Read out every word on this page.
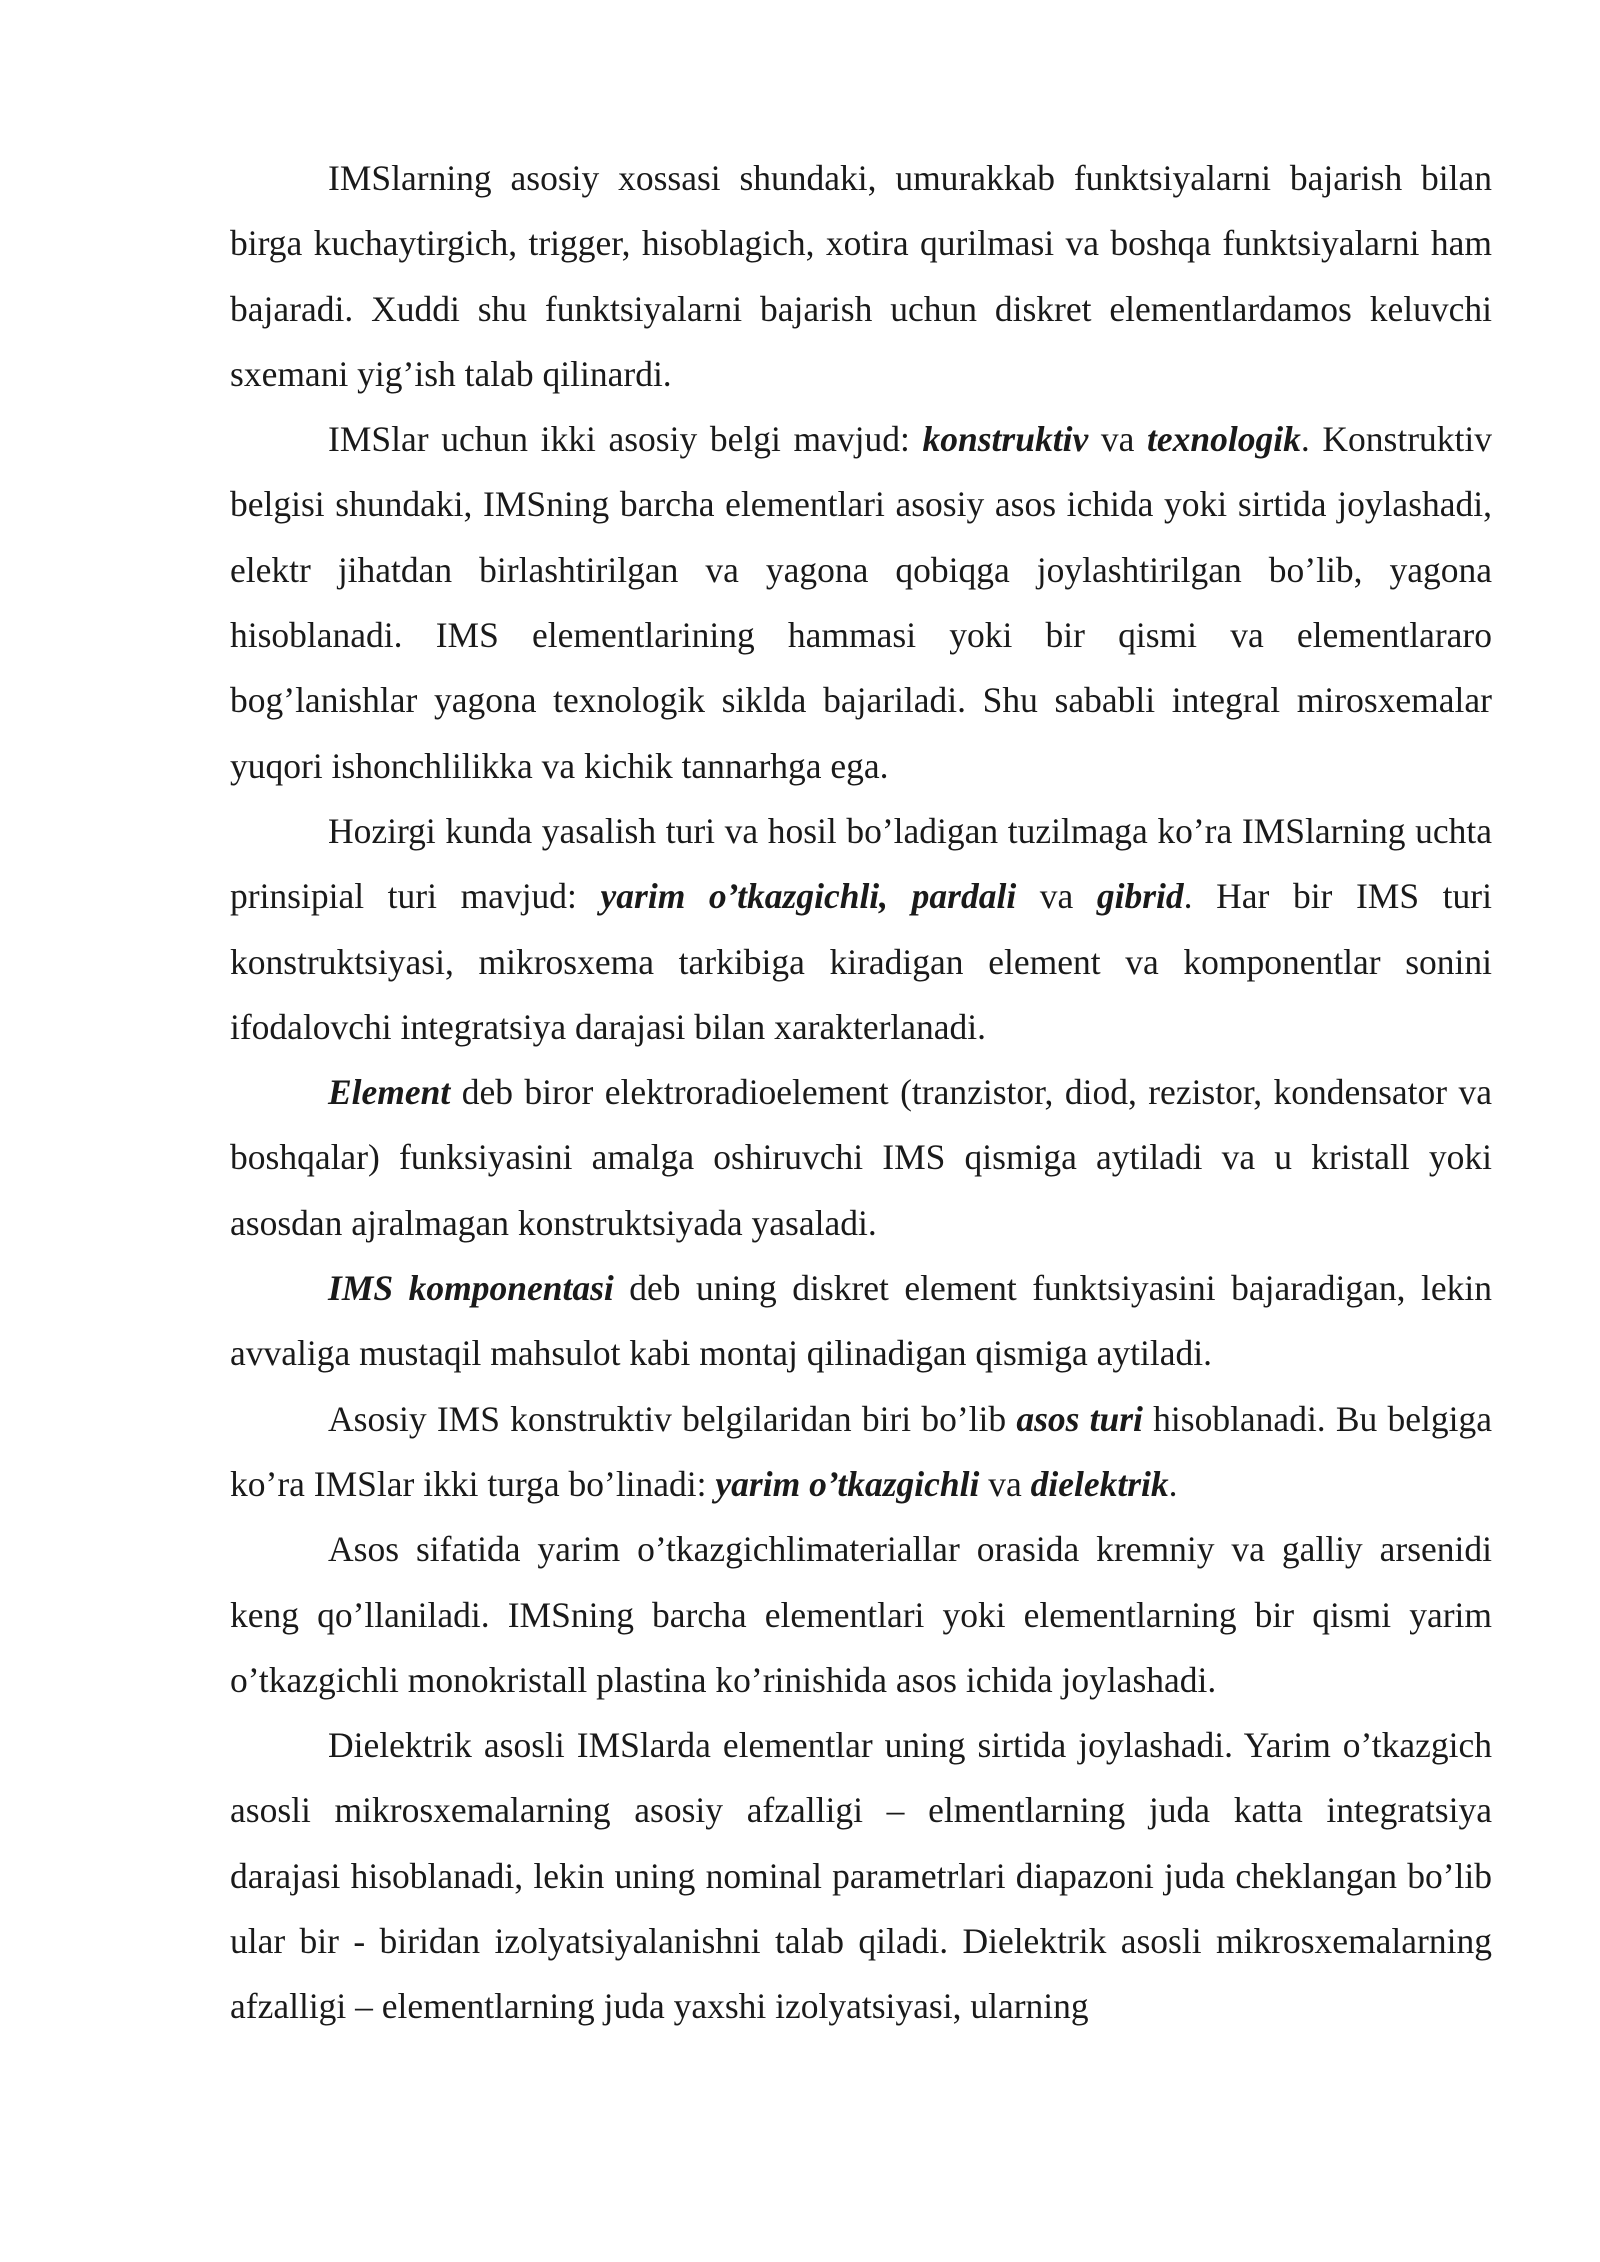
IMSlarning asosiy xossasi shundaki, umurakkab funktsiyalarni bajarish bilan birga kuchaytirgich, trigger, hisoblagich, xotira qurilmasi va boshqa funktsiyalarni ham bajaradi. Xuddi shu funktsiyalarni bajarish uchun diskret elementlardamos keluvchi sxemani yig’ish talab qilinardi.

IMSlar uchun ikki asosiy belgi mavjud: konstruktiv va texnologik. Konstruktiv belgisi shundaki, IMSning barcha elementlari asosiy asos ichida yoki sirtida joylashadi, elektr jihatdan birlashtirilgan va yagona qobiqga joylashtirilgan bo’lib, yagona hisoblanadi. IMS elementlarining hammasi yoki bir qismi va elementlararo bog’lanishlar yagona texnologik siklda bajariladi. Shu sababli integral mirosxemalar yuqori ishonchlilikka va kichik tannarhga ega.

Hozirgi kunda yasalish turi va hosil bo’ladigan tuzilmaga ko’ra IMSlarning uchta prinsipial turi mavjud: yarim o’tkazgichli, pardali va gibrid. Har bir IMS turi konstruktsiyasi, mikrosxema tarkibiga kiradigan element va komponentlar sonini ifodalovchi integratsiya darajasi bilan xarakterlanadi.

Element deb biror elektroradioelement (tranzistor, diod, rezistor, kondensator va boshqalar) funksiyasini amalga oshiruvchi IMS qismiga aytiladi va u kristall yoki asosdan ajralmagan konstruktsiyada yasaladi.

IMS komponentasi deb uning diskret element funktsiyasini bajaradigan, lekin avvaliga mustaqil mahsulot kabi montaj qilinadigan qismiga aytiladi.

Asosiy IMS konstruktiv belgilaridan biri bo’lib asos turi hisoblanadi. Bu belgiga ko’ra IMSlar ikki turga bo’linadi: yarim o’tkazgichli va dielektrik.

Asos sifatida yarim o’tkazgichlimateriallar orasida kremniy va galliy arsenidi keng qo’llaniladi. IMSning barcha elementlari yoki elementlarning bir qismi yarim o’tkazgichli monokristall plastina ko’rinishida asos ichida joylashadi.

Dielektrik asosli IMSlarda elementlar uning sirtida joylashadi. Yarim o’tkazgich asosli mikrosxemalarning asosiy afzalligi – elmentlarning juda katta integratsiya darajasi hisoblanadi, lekin uning nominal parametrlari diapazoni juda cheklangan bo’lib ular bir - biridan izolyatsiyalanishni talab qiladi. Dielektrik asosli mikrosxemalarning afzalligi – elementlarning juda yaxshi izolyatsiyasi, ularning
